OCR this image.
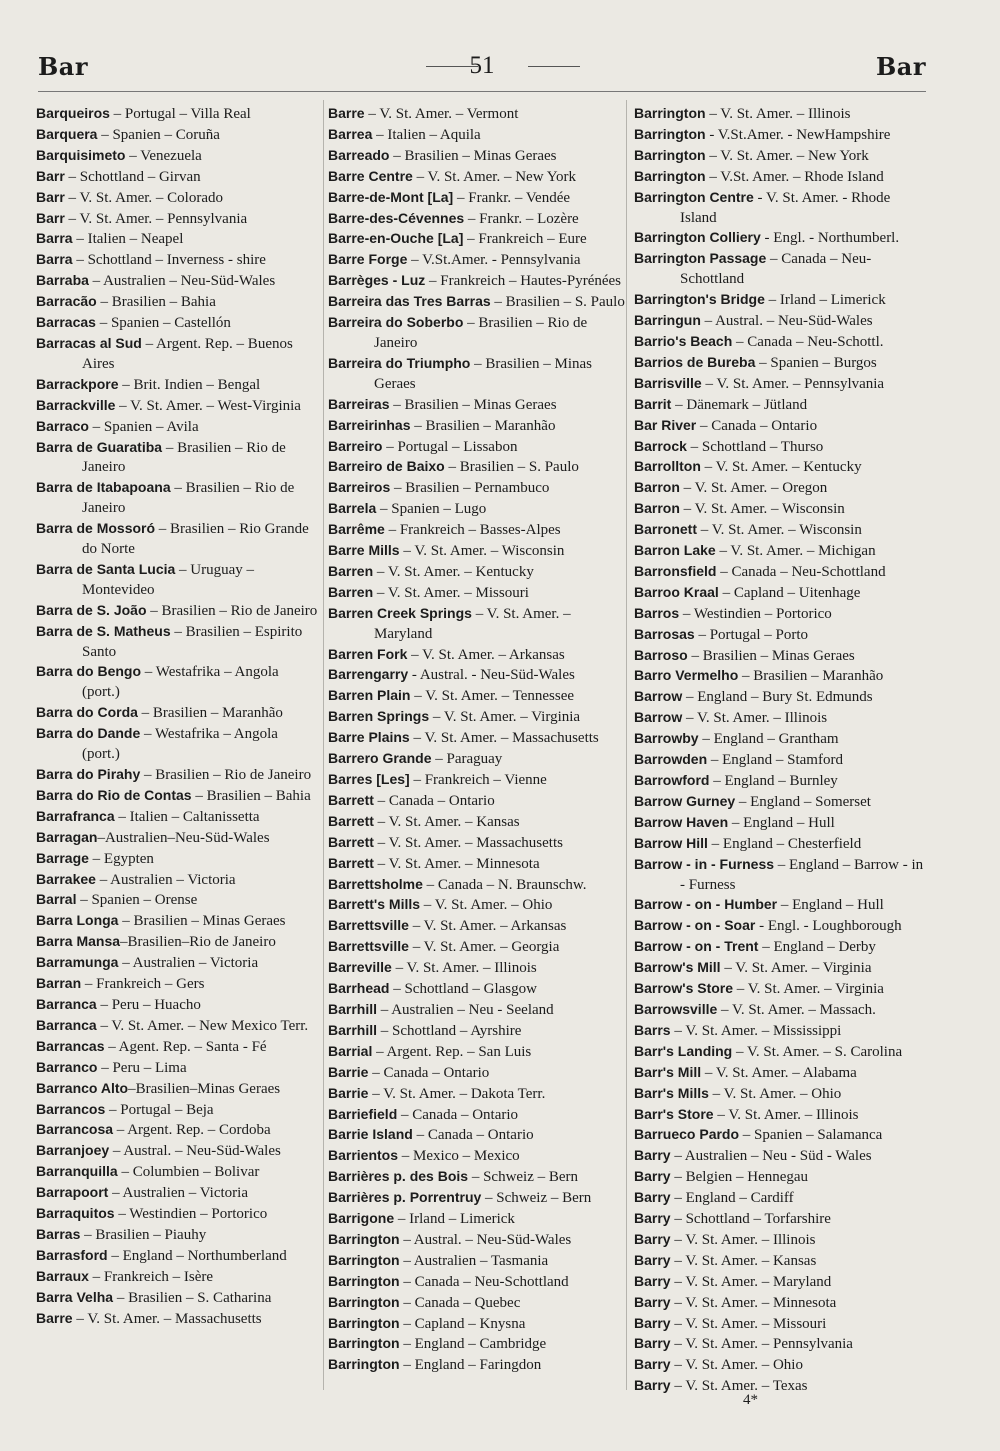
Bar	51	Bar
Barqueiros – Portugal – Villa Real
Barquera – Spanien – Coruña
Barquisimeto – Venezuela
Barr – Schottland – Girvan
Barr – V. St. Amer. – Colorado
Barr – V. St. Amer. – Pennsylvania
Barra – Italien – Neapel
Barra – Schottland – Inverness - shire
Barraba – Australien – Neu-Süd-Wales
Barracão – Brasilien – Bahia
Barracas – Spanien – Castellón
Barracas al Sud – Argent. Rep. – Buenos Aires
Barrackpore – Brit. Indien – Bengal
Barrackville – V. St. Amer. – West-Virginia
Barraco – Spanien – Avila
Barra de Guaratiba – Brasilien – Rio de Janeiro
Barra de Itabapoana – Brasilien – Rio de Janeiro
Barra de Mossoró – Brasilien – Rio Grande do Norte
Barra de Santa Lucia – Uruguay – Montevideo
Barra de S. João – Brasilien – Rio de Janeiro
Barra de S. Matheus – Brasilien – Espirito Santo
Barra do Bengo – Westafrika – Angola (port.)
Barra do Corda – Brasilien – Maranhão
Barra do Dande – Westafrika – Angola (port.)
Barra do Pirahy – Brasilien – Rio de Janeiro
Barra do Rio de Contas – Brasilien – Bahia
Barrafranca – Italien – Caltanissetta
Barragan–Australien–Neu-Süd-Wales
Barrage – Egypten
Barrakee – Australien – Victoria
Barral – Spanien – Orense
Barra Longa – Brasilien – Minas Geraes
Barra Mansa–Brasilien–Rio de Janeiro
Barramunga – Australien – Victoria
Barran – Frankreich – Gers
Barranca – Peru – Huacho
Barranca – V. St. Amer. – New Mexico Terr.
Barrancas – Agent. Rep. – Santa - Fé
Barranco – Peru – Lima
Barranco Alto–Brasilien–Minas Geraes
Barrancos – Portugal – Beja
Barrancosa – Argent. Rep. – Cordoba
Barranjoey – Austral. – Neu-Süd-Wales
Barranquilla – Columbien – Bolivar
Barrapoort – Australien – Victoria
Barraquitos – Westindien – Portorico
Barras – Brasilien – Piauhy
Barrasford – England – Northumberland
Barraux – Frankreich – Isère
Barra Velha – Brasilien – S. Catharina
Barre – V. St. Amer. – Massachusetts
Barre – V. St. Amer. – Vermont
Barrea – Italien – Aquila
Barreado – Brasilien – Minas Geraes
Barre Centre – V. St. Amer. – New York
Barre-de-Mont [La] – Frankr. – Vendée
Barre-des-Cévennes – Frankr. – Lozère
Barre-en-Ouche [La] – Frankreich – Eure
Barre Forge – V.St.Amer. - Pennsylvania
Barrèges - Luz – Frankreich – Hautes-Pyrénées
Barreira das Tres Barras – Brasilien – S. Paulo
Barreira do Soberbo – Brasilien – Rio de Janeiro
Barreira do Triumpho – Brasilien – Minas Geraes
Barreiras – Brasilien – Minas Geraes
Barreirinhas – Brasilien – Maranhão
Barreiro – Portugal – Lissabon
Barreiro de Baixo – Brasilien – S. Paulo
Barreiros – Brasilien – Pernambuco
Barrela – Spanien – Lugo
Barrême – Frankreich – Basses-Alpes
Barre Mills – V. St. Amer. – Wisconsin
Barren – V. St. Amer. – Kentucky
Barren – V. St. Amer. – Missouri
Barren Creek Springs – V. St. Amer. – Maryland
Barren Fork – V. St. Amer. – Arkansas
Barrengarry - Austral. - Neu-Süd-Wales
Barren Plain – V. St. Amer. – Tennessee
Barren Springs – V. St. Amer. – Virginia
Barre Plains – V. St. Amer. – Massachusetts
Barrero Grande – Paraguay
Barres [Les] – Frankreich – Vienne
Barrett – Canada – Ontario
Barrett – V. St. Amer. – Kansas
Barrett – V. St. Amer. – Massachusetts
Barrett – V. St. Amer. – Minnesota
Barrettsholme – Canada – N. Braunschw.
Barrett's Mills – V. St. Amer. – Ohio
Barrettsville – V. St. Amer. – Arkansas
Barrettsville – V. St. Amer. – Georgia
Barreville – V. St. Amer. – Illinois
Barrhead – Schottland – Glasgow
Barrhill – Australien – Neu - Seeland
Barrhill – Schottland – Ayrshire
Barrial – Argent. Rep. – San Luis
Barrie – Canada – Ontario
Barrie – V. St. Amer. – Dakota Terr.
Barriefield – Canada – Ontario
Barrie Island – Canada – Ontario
Barrientos – Mexico – Mexico
Barrières p. des Bois – Schweiz – Bern
Barrières p. Porrentruy – Schweiz – Bern
Barrigone – Irland – Limerick
Barrington – Austral. – Neu-Süd-Wales
Barrington – Australien – Tasmania
Barrington – Canada – Neu-Schottland
Barrington – Canada – Quebec
Barrington – Capland – Knysna
Barrington – England – Cambridge
Barrington – England – Faringdon
Barrington – V. St. Amer. – Illinois
Barrington - V.St.Amer. - NewHampshire
Barrington – V. St. Amer. – New York
Barrington – V.St. Amer. – Rhode Island
Barrington Centre - V. St. Amer. - Rhode Island
Barrington Colliery - Engl. - Northumberl.
Barrington Passage – Canada – Neu-Schottland
Barrington's Bridge – Irland – Limerick
Barringun – Austral. – Neu-Süd-Wales
Barrio's Beach – Canada – Neu-Schottl.
Barrios de Bureba – Spanien – Burgos
Barrisville – V. St. Amer. – Pennsylvania
Barrit – Dänemark – Jütland
Bar River – Canada – Ontario
Barrock – Schottland – Thurso
Barrollton – V. St. Amer. – Kentucky
Barron – V. St. Amer. – Oregon
Barron – V. St. Amer. – Wisconsin
Barronett – V. St. Amer. – Wisconsin
Barron Lake – V. St. Amer. – Michigan
Barronsfield – Canada – Neu-Schottland
Barroo Kraal – Capland – Uitenhage
Barros – Westindien – Portorico
Barrosas – Portugal – Porto
Barroso – Brasilien – Minas Geraes
Barro Vermelho – Brasilien – Maranhão
Barrow – England – Bury St. Edmunds
Barrow – V. St. Amer. – Illinois
Barrowby – England – Grantham
Barrowden – England – Stamford
Barrowford – England – Burnley
Barrow Gurney – England – Somerset
Barrow Haven – England – Hull
Barrow Hill – England – Chesterfield
Barrow - in - Furness – England – Barrow - in - Furness
Barrow - on - Humber – England – Hull
Barrow - on - Soar - Engl. - Loughborough
Barrow - on - Trent – England – Derby
Barrow's Mill – V. St. Amer. – Virginia
Barrow's Store – V. St. Amer. – Virginia
Barrowsville – V. St. Amer. – Massach.
Barrs – V. St. Amer. – Mississippi
Barr's Landing – V. St. Amer. – S. Carolina
Barr's Mill – V. St. Amer. – Alabama
Barr's Mills – V. St. Amer. – Ohio
Barr's Store – V. St. Amer. – Illinois
Barrueco Pardo – Spanien – Salamanca
Barry – Australien – Neu - Süd - Wales
Barry – Belgien – Hennegau
Barry – England – Cardiff
Barry – Schottland – Torfarshire
Barry – V. St. Amer. – Illinois
Barry – V. St. Amer. – Kansas
Barry – V. St. Amer. – Maryland
Barry – V. St. Amer. – Minnesota
Barry – V. St. Amer. – Missouri
Barry – V. St. Amer. – Pennsylvania
Barry – V. St. Amer. – Ohio
Barry – V. St. Amer. – Texas
4*
